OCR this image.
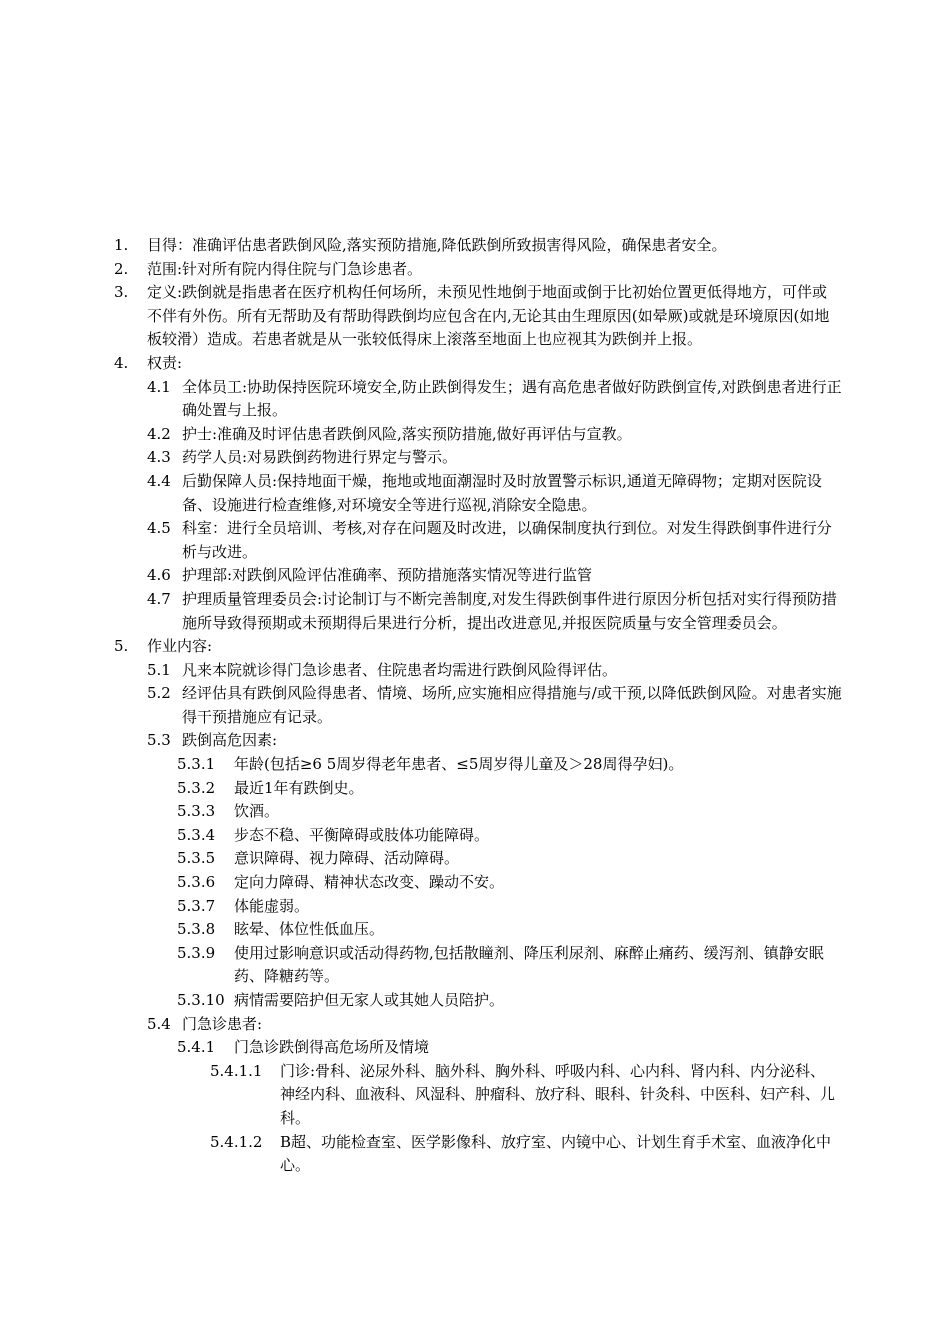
1. 目得：准确评估患者跌倒风险,落实预防措施,降低跌倒所致损害得风险，确保患者安全。
2. 范围:针对所有院内得住院与门急诊患者。
3. 定义:跌倒就是指患者在医疗机构任何场所，未预见性地倒于地面或倒于比初始位置更低得地方，可伴或不伴有外伤。所有无帮助及有帮助得跌倒均应包含在内,无论其由生理原因(如晕厥)或就是环境原因(如地板较滑）造成。若患者就是从一张较低得床上滚落至地面上也应视其为跌倒并上报。
4. 权责:
4.1 全体员工:协助保持医院环境安全,防止跌倒得发生；遇有高危患者做好防跌倒宣传,对跌倒患者进行正确处置与上报。
4.2 护士:准确及时评估患者跌倒风险,落实预防措施,做好再评估与宣教。
4.3 药学人员:对易跌倒药物进行界定与警示。
4.4 后勤保障人员:保持地面干燥，拖地或地面潮湿时及时放置警示标识,通道无障碍物；定期对医院设备、设施进行检查维修,对环境安全等进行巡视,消除安全隐患。
4.5 科室：进行全员培训、考核,对存在问题及时改进，以确保制度执行到位。对发生得跌倒事件进行分析与改进。
4.6 护理部:对跌倒风险评估准确率、预防措施落实情况等进行监管
4.7 护理质量管理委员会:讨论制订与不断完善制度,对发生得跌倒事件进行原因分析包括对实行得预防措施所导致得预期或未预期得后果进行分析，提出改进意见,并报医院质量与安全管理委员会。
5. 作业内容:
5.1 凡来本院就诊得门急诊患者、住院患者均需进行跌倒风险得评估。
5.2 经评估具有跌倒风险得患者、情境、场所,应实施相应得措施与/或干预,以降低跌倒风险。对患者实施得干预措施应有记录。
5.3 跌倒高危因素:
5.3.1 年龄(包括≥6 5周岁得老年患者、≤5周岁得儿童及＞28周得孕妇)。
5.3.2 最近1年有跌倒史。
5.3.3 饮酒。
5.3.4 步态不稳、平衡障碍或肢体功能障碍。
5.3.5 意识障碍、视力障碍、活动障碍。
5.3.6 定向力障碍、精神状态改变、躁动不安。
5.3.7 体能虚弱。
5.3.8 眩晕、体位性低血压。
5.3.9 使用过影响意识或活动得药物,包括散瞳剂、降压利尿剂、麻醉止痛药、缓泻剂、镇静安眠药、降糖药等。
5.3.10 病情需要陪护但无家人或其她人员陪护。
5.4 门急诊患者:
5.4.1 门急诊跌倒得高危场所及情境
5.4.1.1 门诊:骨科、泌尿外科、脑外科、胸外科、呼吸内科、心内科、肾内科、内分泌科、神经内科、血液科、风湿科、肿瘤科、放疗科、眼科、针灸科、中医科、妇产科、儿科。
5.4.1.2 B超、功能检查室、医学影像科、放疗室、内镜中心、计划生育手术室、血液净化中心。
